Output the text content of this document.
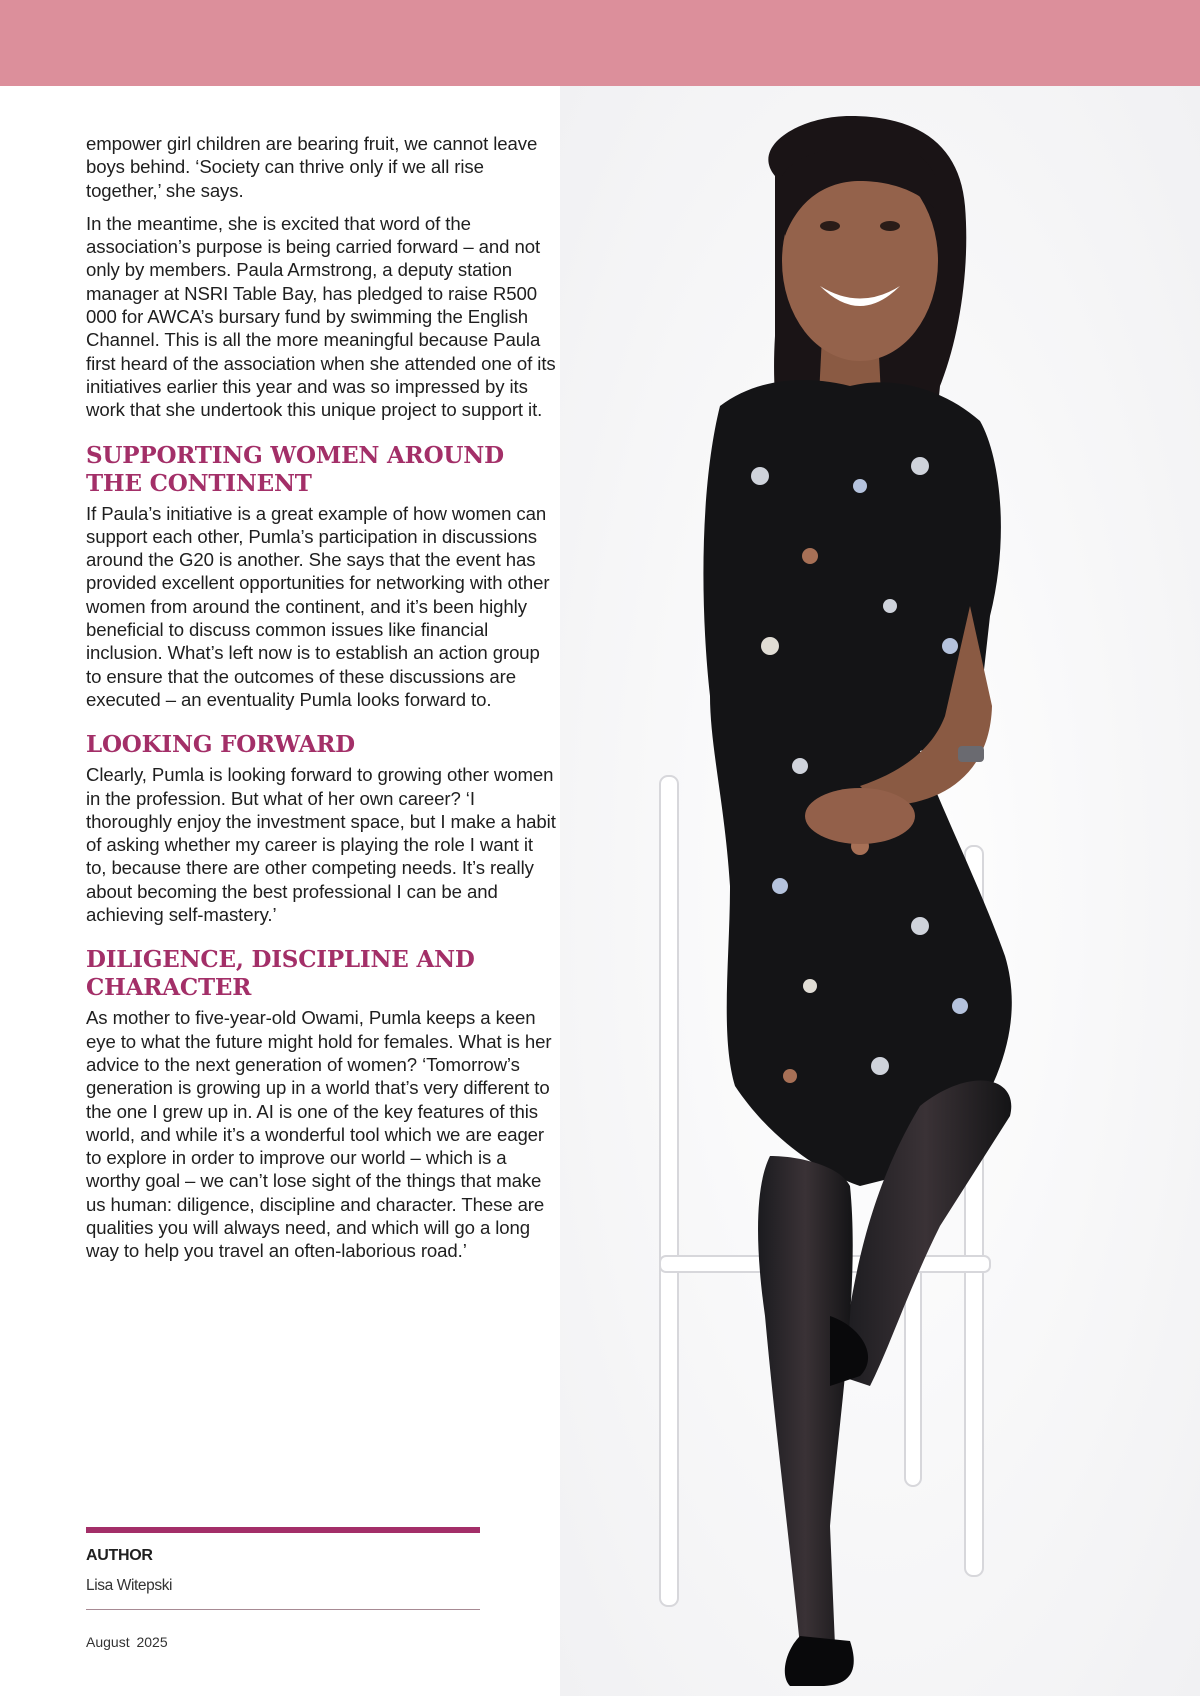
empower girl children are bearing fruit, we cannot leave boys behind. ‘Society can thrive only if we all rise together,’ she says.

In the meantime, she is excited that word of the association’s purpose is being carried forward – and not only by members. Paula Armstrong, a deputy station manager at NSRI Table Bay, has pledged to raise R500 000 for AWCA’s bursary fund by swimming the English Channel. This is all the more meaningful because Paula first heard of the association when she attended one of its initiatives earlier this year and was so impressed by its work that she undertook this unique project to support it.

SUPPORTING WOMEN AROUND THE CONTINENT

If Paula’s initiative is a great example of how women can support each other, Pumla’s participation in discussions around the G20 is another. She says that the event has provided excellent opportunities for networking with other women from around the continent, and it’s been highly beneficial to discuss common issues like financial inclusion. What’s left now is to establish an action group to ensure that the outcomes of these discussions are executed – an eventuality Pumla looks forward to.

LOOKING FORWARD

Clearly, Pumla is looking forward to growing other women in the profession. But what of her own career? ‘I thoroughly enjoy the investment space, but I make a habit of asking whether my career is playing the role I want it to, because there are other competing needs. It’s really about becoming the best professional I can be and achieving self-mastery.’

DILIGENCE, DISCIPLINE AND CHARACTER

As mother to five-year-old Owami, Pumla keeps a keen eye to what the future might hold for females. What is her advice to the next generation of women? ‘Tomorrow’s generation is growing up in a world that’s very different to the one I grew up in. AI is one of the key features of this world, and while it’s a wonderful tool which we are eager to explore in order to improve our world – which is a worthy goal – we can’t lose sight of the things that make us human: diligence, discipline and character. These are qualities you will always need, and which will go a long way to help you travel an often-laborious road.’

AUTHOR
Lisa Witepski
August 2025
